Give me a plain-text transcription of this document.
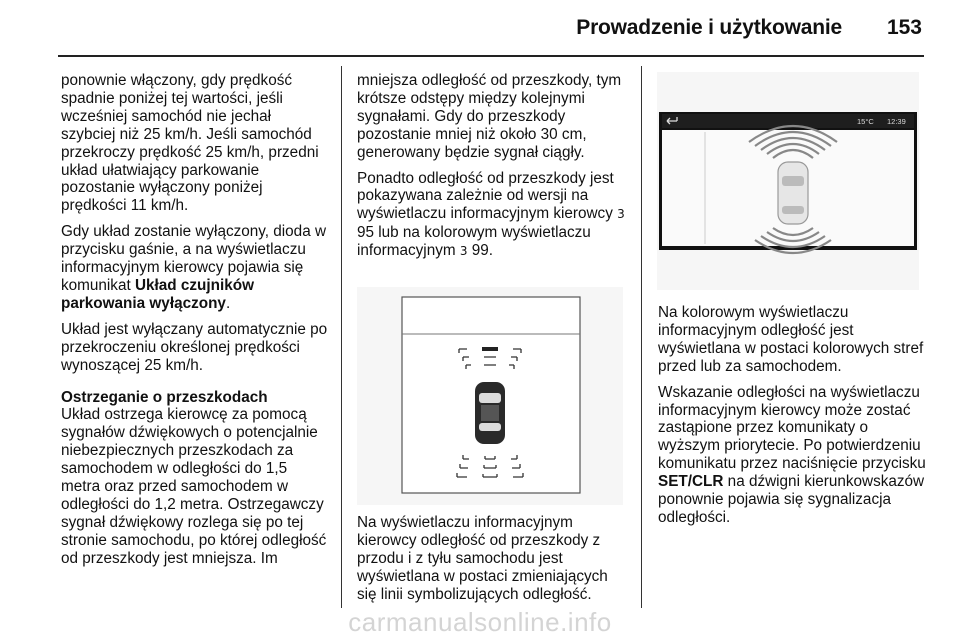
Prowadzenie i użytkowanie 153

ponownie włączony, gdy prędkość spadnie poniżej tej wartości, jeśli wcześniej samochód nie jechał szybciej niż 25 km/h. Jeśli samochód przekroczy prędkość 25 km/h, przedni układ ułatwiający parkowanie pozostanie wyłączony poniżej prędkości 11 km/h.

Gdy układ zostanie wyłączony, dioda w przycisku gaśnie, a na wyświetlaczu informacyjnym kierowcy pojawia się komunikat Układ czujników parkowania wyłączony.

Układ jest wyłączany automatycznie po przekroczeniu określonej prędkości wynoszącej 25 km/h.

Ostrzeganie o przeszkodach

Układ ostrzega kierowcę za pomocą sygnałów dźwiękowych o potencjalnie niebezpiecznych przeszkodach za samochodem w odległości do 1,5 metra oraz przed samochodem w odległości do 1,2 metra. Ostrzegawczy sygnał dźwiękowy rozlega się po tej stronie samochodu, po której odległość od przeszkody jest mniejsza. Im

mniejsza odległość od przeszkody, tym krótsze odstępy między kolejnymi sygnałami. Gdy do przeszkody pozostanie mniej niż około 30 cm, generowany będzie sygnał ciągły.

Ponadto odległość od przeszkody jest pokazywana zależnie od wersji na wyświetlaczu informacyjnym kierowcy 3 95 lub na kolorowym wyświetlaczu informacyjnym 3 99.

Na wyświetlaczu informacyjnym kierowcy odległość od przeszkody z przodu i z tyłu samochodu jest wyświetlana w postaci zmieniających się linii symbolizujących odległość.

15°C 12:39

Na kolorowym wyświetlaczu informacyjnym odległość jest wyświetlana w postaci kolorowych stref przed lub za samochodem.

Wskazanie odległości na wyświetlaczu informacyjnym kierowcy może zostać zastąpione przez komunikaty o wyższym priorytecie. Po potwierdzeniu komunikatu przez naciśnięcie przycisku SET/CLR na dźwigni kierunkowskazów ponownie pojawia się sygnalizacja odległości.

carmanualsonline.info
